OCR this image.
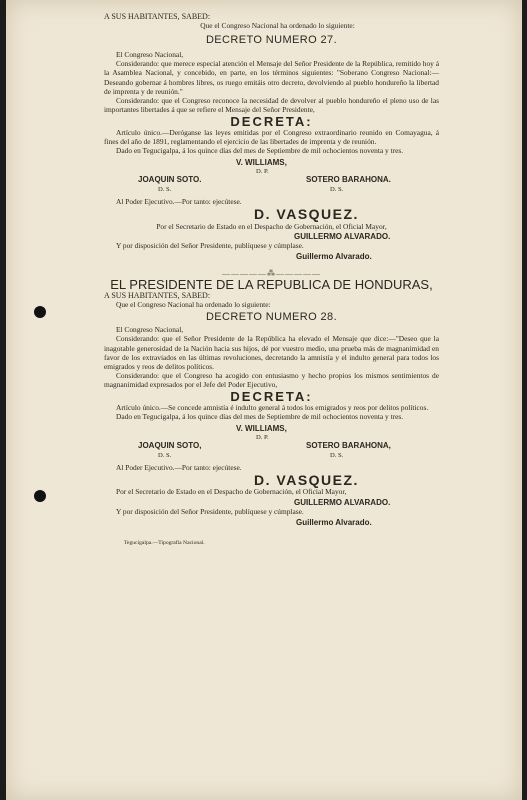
A SUS HABITANTES, SABED:

Que el Congreso Nacional ha ordenado lo siguiente:

DECRETO NUMERO 27.

El Congreso Nacional,

Considerando: que merece especial atención el Mensaje del Señor Presidente de la República, remitido hoy á la Asamblea Nacional, y concebido, en parte, en los términos siguientes: "Soberano Congreso Nacional:—Deseando gobernar á hombres libres, os ruego emitáis otro decreto, devolviendo al pueblo hondureño la libertad de imprenta y de reunión."

Considerando: que el Congreso reconoce la necesidad de devolver al pueblo hondureño el pleno uso de las importantes libertades á que se refiere el Mensaje del Señor Presidente,

DECRETA:

Artículo único.—Deróganse las leyes emitidas por el Congreso extraordinario reunido en Comayagua, á fines del año de 1891, reglamentando el ejercicio de las libertades de imprenta y de reunión.

Dado en Tegucigalpa, á los quince días del mes de Septiembre de mil ochocientos noventa y tres.

V. WILLIAMS,
D. P.
JOAQUIN SOTO.
D. S.
SOTERO BARAHONA.
D. S.

Al Poder Ejecutivo.—Por tanto: ejecútese.

D. VASQUEZ.

Por el Secretario de Estado en el Despacho de Gobernación, el Oficial Mayor,

GUILLERMO ALVARADO.

Y por disposición del Señor Presidente, publíquese y cúmplase.

Guillermo Alvarado.
—————⁂—————
EL PRESIDENTE DE LA REPUBLICA DE HONDURAS,

A SUS HABITANTES, SABED:

Que el Congreso Nacional ha ordenado lo siguiente:

DECRETO NUMERO 28.

El Congreso Nacional,

Considerando: que el Señor Presidente de la República ha elevado el Mensaje que dice:—"Deseo que la inagotable generosidad de la Nación hacia sus hijos, dé por vuestro medio, una prueba más de magnanimidad en favor de los extraviados en las últimas revoluciones, decretando la amnistía y el indulto general para todos los emigrados y reos de delitos políticos.

Considerando: que el Congreso ha acogido con entusiasmo y hecho propios los mismos sentimientos de magnanimidad expresados por el Jefe del Poder Ejecutivo,

DECRETA:

Artículo único.—Se concede amnistía é indulto general á todos los emigrados y reos por delitos políticos.

Dado en Tegucigalpa, á los quince días del mes de Septiembre de mil ochocientos noventa y tres.

V. WILLIAMS,
D. P.
JOAQUIN SOTO,
D. S.
SOTERO BARAHONA,
D. S.

Al Poder Ejecutivo.—Por tanto: ejecútese.

D. VASQUEZ.

Por el Secretario de Estado en el Despacho de Gobernación, el Oficial Mayor,

GUILLERMO ALVARADO.

Y por disposición del Señor Presidente, publíquese y cúmplase.

Guillermo Alvarado.
Tegucigalpa.—Tipografía Nacional.
